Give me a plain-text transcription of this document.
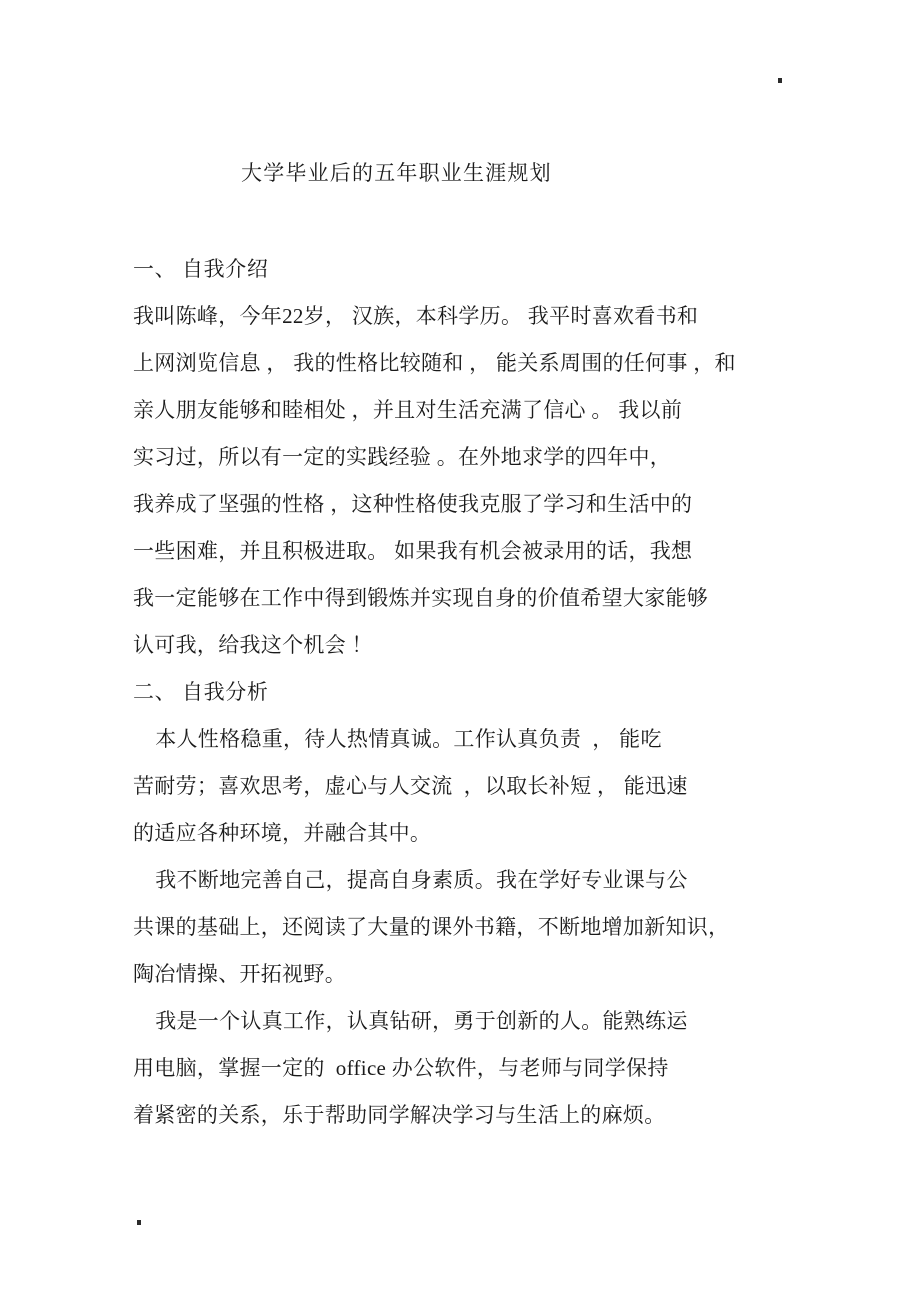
大学毕业后的五年职业生涯规划
一、 自我介绍
我叫陈峰，今年22岁， 汉族，本科学历。 我平时喜欢看书和
上网浏览信息 ， 我的性格比较随和 ， 能关系周围的任何事 ，和
亲人朋友能够和睦相处 ，并且对生活充满了信心 。 我以前
实习过，所以有一定的实践经验 。在外地求学的四年中，
我养成了坚强的性格 ，这种性格使我克服了学习和生活中的
一些困难，并且积极进取。 如果我有机会被录用的话，我想
我一定能够在工作中得到锻炼并实现自身的价值希望大家能够
认可我，给我这个机会 ！
二、 自我分析
本人性格稳重，待人热情真诚。工作认真负责  ， 能吃
苦耐劳；喜欢思考，虚心与人交流  ，以取长补短 ， 能迅速
的适应各种环境，并融合其中。
我不断地完善自己，提高自身素质。我在学好专业课与公
共课的基础上，还阅读了大量的课外书籍，不断地增加新知识，
陶冶情操、开拓视野。
我是一个认真工作，认真钻研，勇于创新的人。能熟练运
用电脑，掌握一定的  office 办公软件，与老师与同学保持
着紧密的关系，乐于帮助同学解决学习与生活上的麻烦。
